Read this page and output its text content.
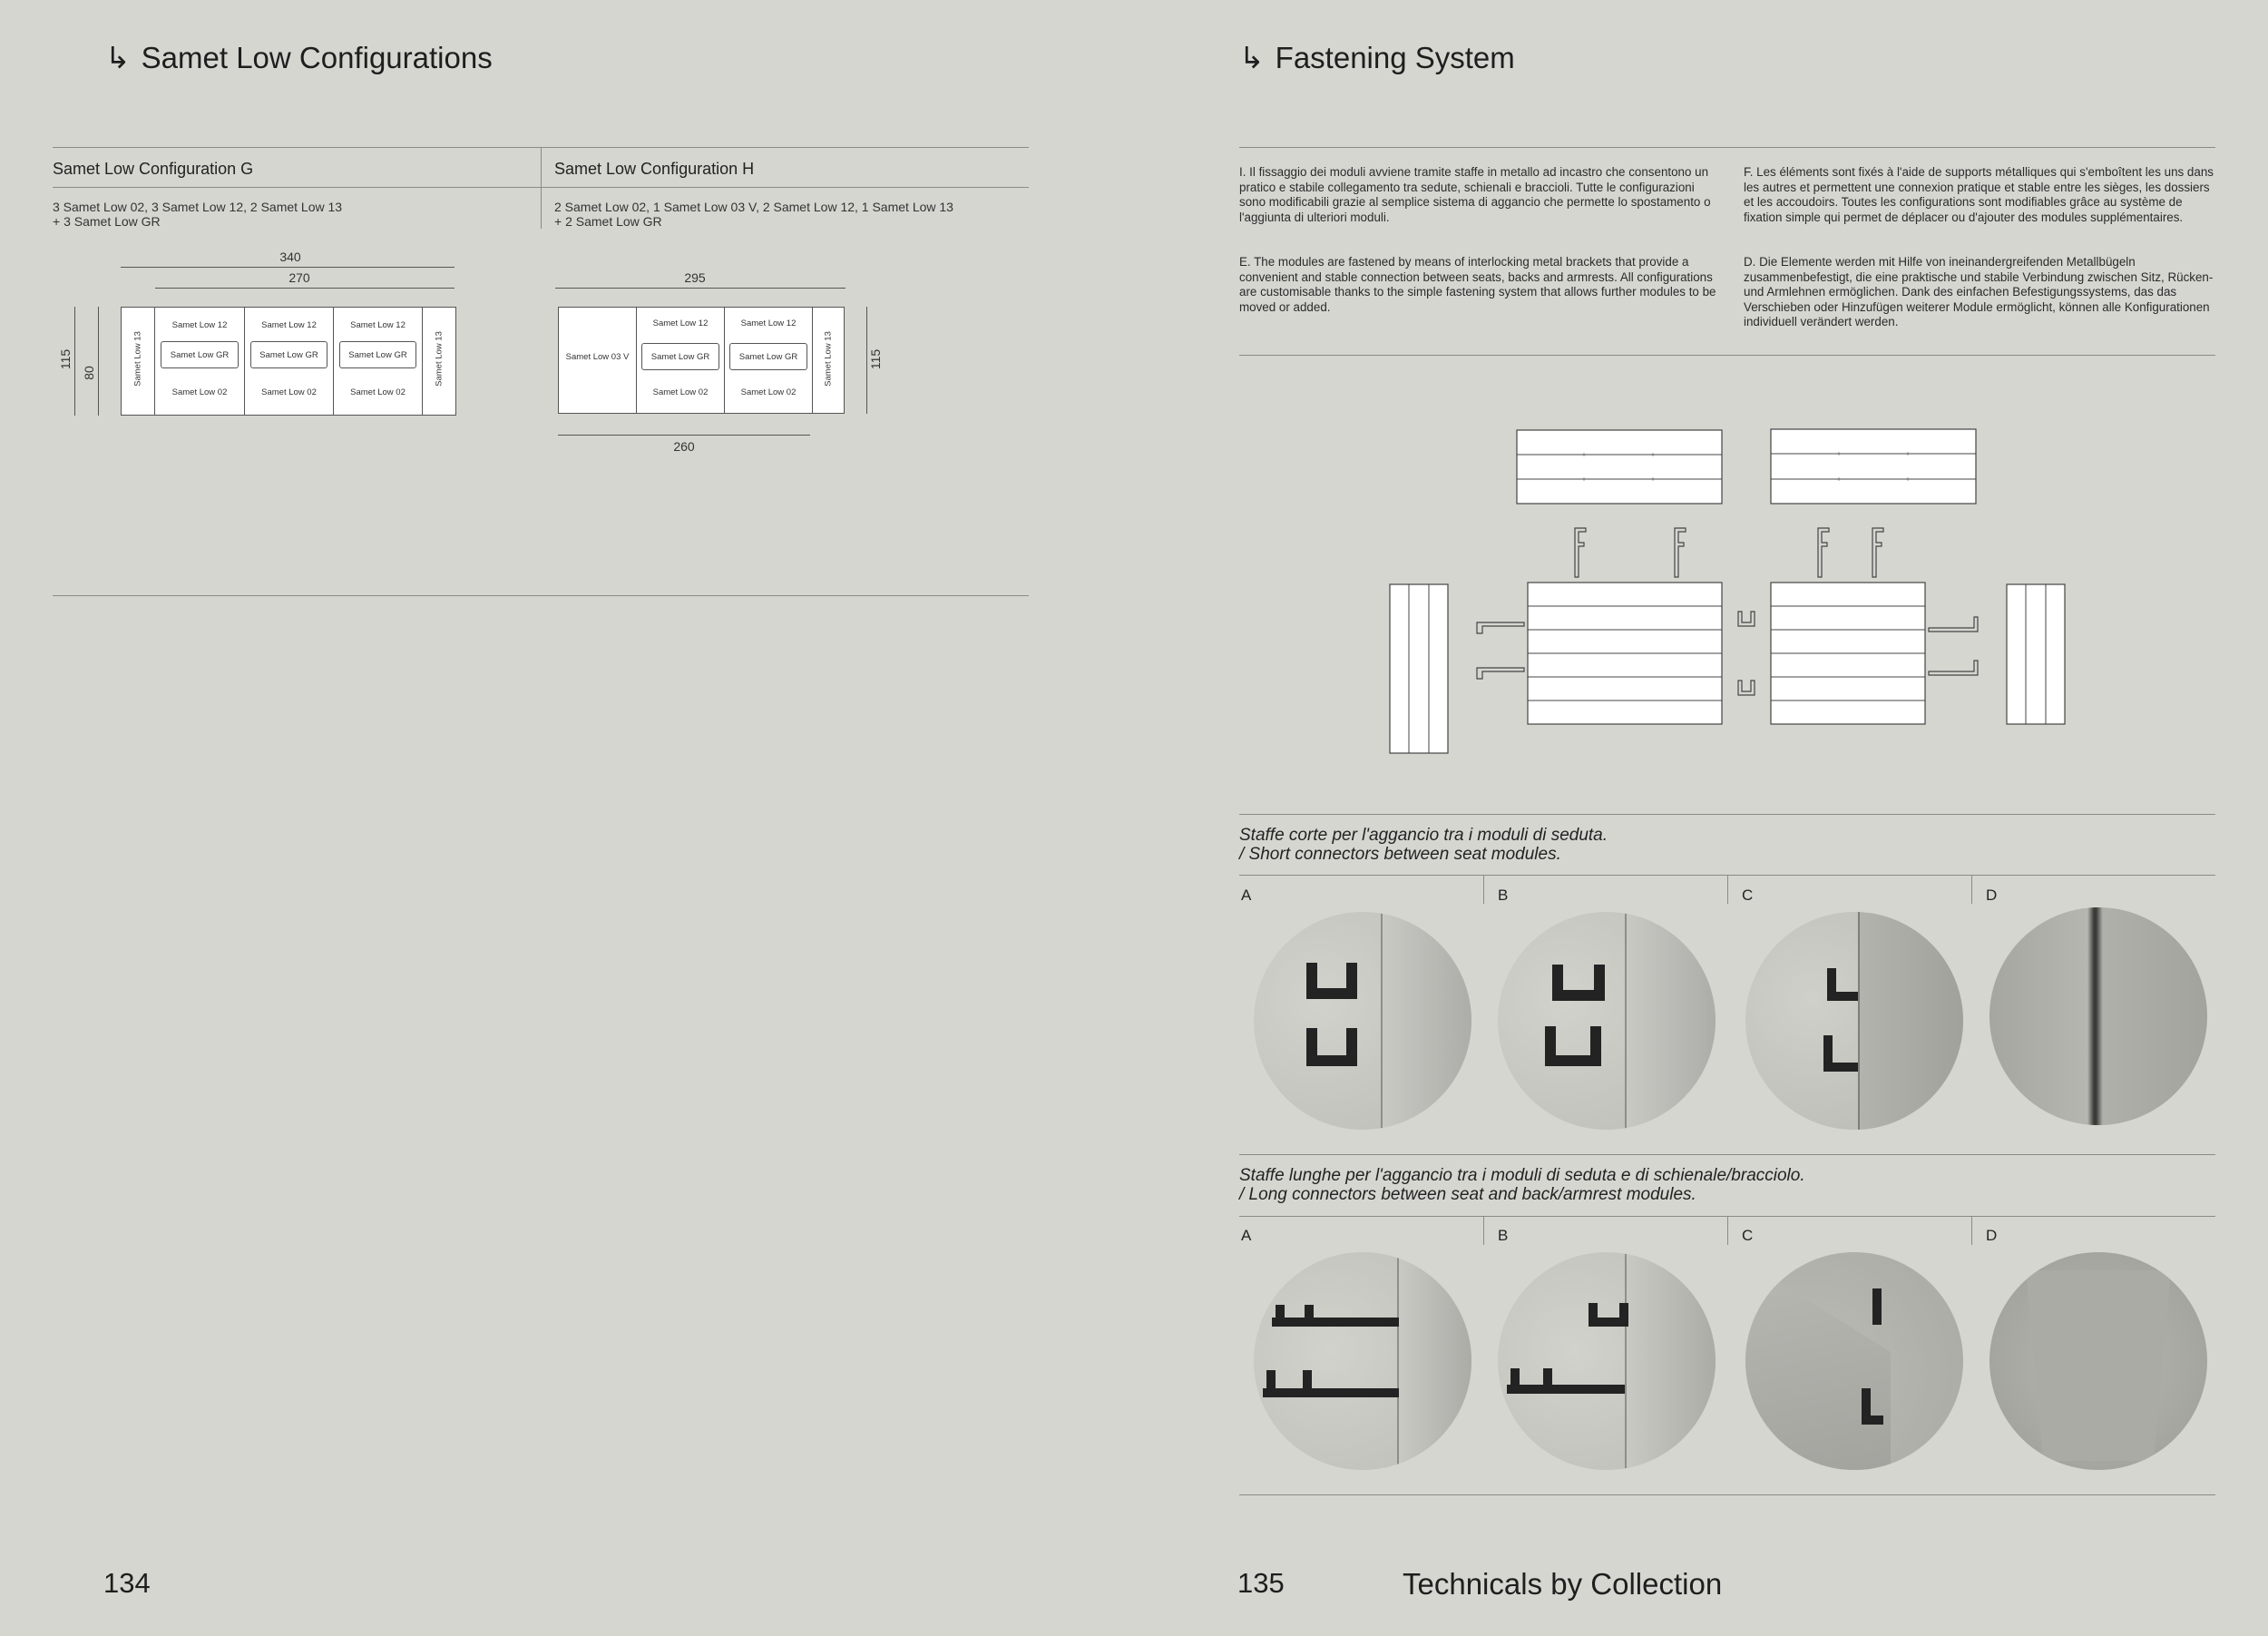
↳ Samet Low Configurations
Samet Low Configuration G	Samet Low Configuration H
3 Samet Low 02, 3 Samet Low 12, 2 Samet Low 13
+ 3 Samet Low GR
2 Samet Low 02, 1 Samet Low 03 V, 2 Samet Low 12, 1 Samet Low 13
+ 2 Samet Low GR
340
270
115
80	Samet Low 13	Samet Low 13
Samet Low 12	Samet Low 12	Samet Low 12
Samet Low GR	Samet Low GR	Samet Low GR
Samet Low 02	Samet Low 02	Samet Low 02
295
Samet Low 03 V	Samet Low 13
Samet Low 12	Samet Low 12
Samet Low GR	Samet Low GR
Samet Low 02	Samet Low 02
115
260
134
↳ Fastening System
I. Il fissaggio dei moduli avviene tramite staffe in metallo ad incastro che consentono un pratico e stabile collegamento tra sedute, schienali e braccioli. Tutte le configurazioni sono modificabili grazie al semplice sistema di aggancio che permette lo spostamento o l'aggiunta di ulteriori moduli.
E. The modules are fastened by means of interlocking metal brackets that provide a convenient and stable connection between seats, backs and armrests. All configurations are customisable thanks to the simple fastening system that allows further modules to be moved or added.
F. Les éléments sont fixés à l'aide de supports métalliques qui s'emboîtent les uns dans les autres et permettent une connexion pratique et stable entre les sièges, les dossiers et les accoudoirs. Toutes les configurations sont modifiables grâce au système de fixation simple qui permet de déplacer ou d'ajouter des modules supplémentaires.
D. Die Elemente werden mit Hilfe von ineinandergreifenden Metallbügeln zusammenbefestigt, die eine praktische und stabile Verbindung zwischen Sitz, Rücken- und Armlehnen ermöglichen. Dank des einfachen Befestigungssystems, das das Verschieben oder Hinzufügen weiterer Module ermöglicht, können alle Konfigurationen individuell verändert werden.
Staffe corte per l'aggancio tra i moduli di seduta.
/ Short connectors between seat modules.
A	B	C	D
Staffe lunghe per l'aggancio tra i moduli di seduta e di schienale/bracciolo.
/ Long connectors between seat and back/armrest modules.
A	B	C	D
135	Technicals by Collection
